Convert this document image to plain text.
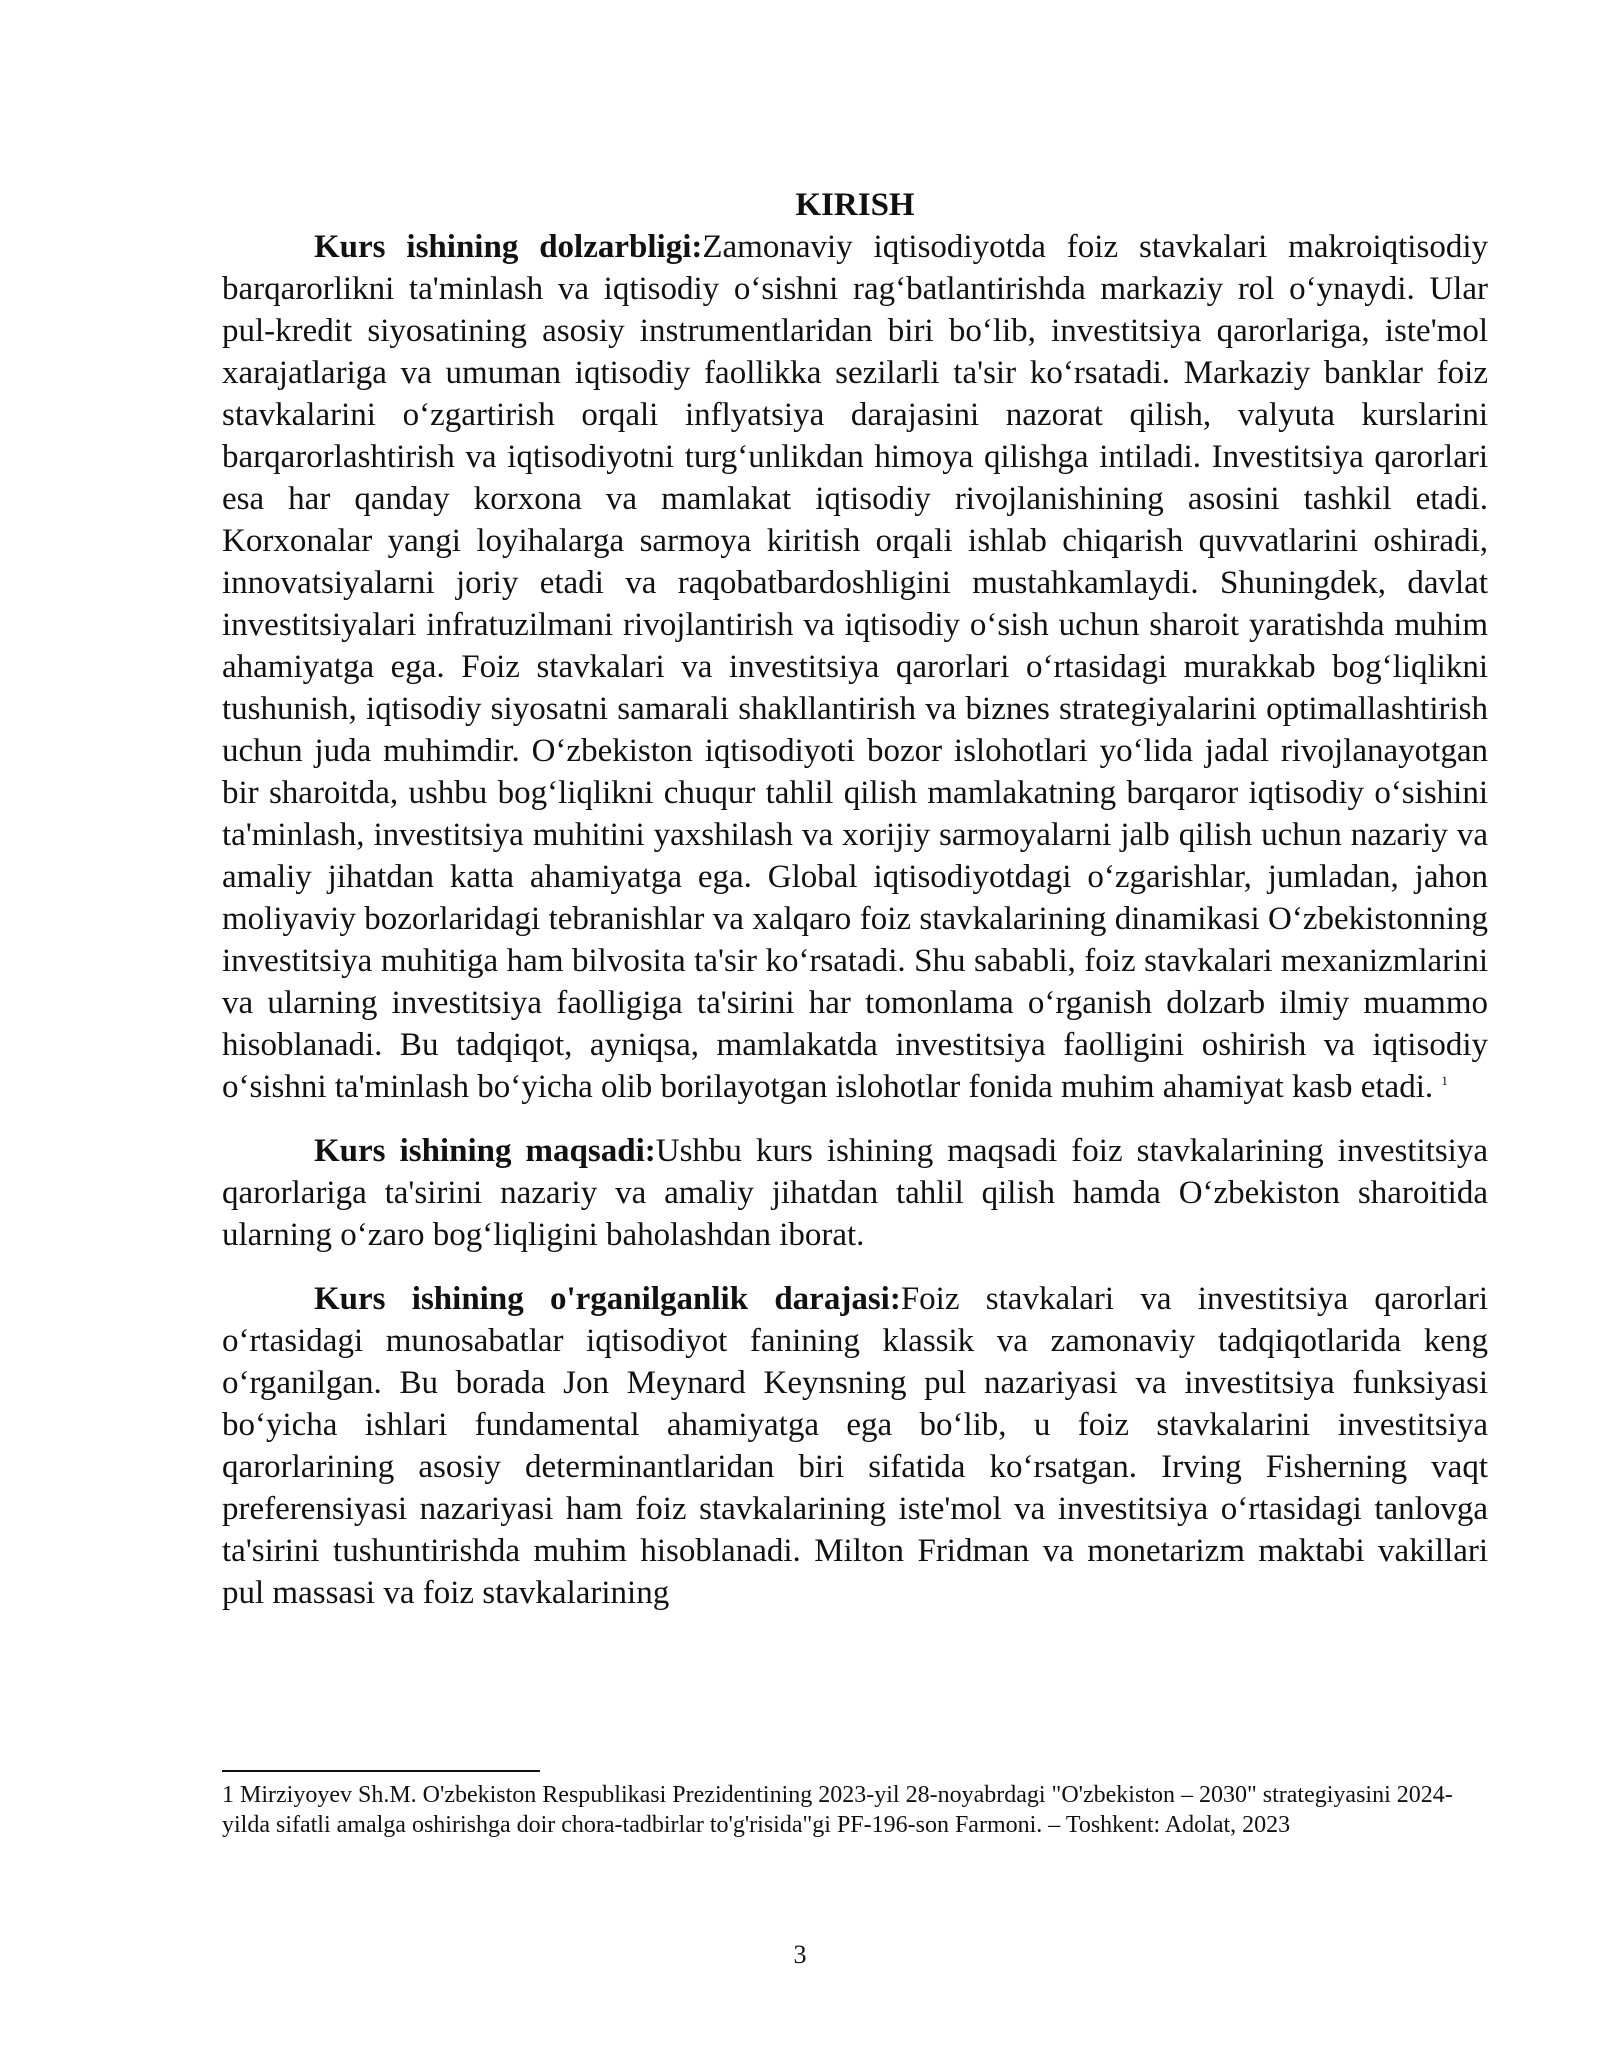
KIRISH

Kurs ishining dolzarbligi:Zamonaviy iqtisodiyotda foiz stavkalari makroiqtisodiy barqarorlikni ta'minlash va iqtisodiy o‘sishni rag‘batlantirishda markaziy rol o‘ynaydi. Ular pul-kredit siyosatining asosiy instrumentlaridan biri bo‘lib, investitsiya qarorlariga, iste'mol xarajatlariga va umuman iqtisodiy faollikka sezilarli ta'sir ko‘rsatadi. Markaziy banklar foiz stavkalarini o‘zgartirish orqali inflyatsiya darajasini nazorat qilish, valyuta kurslarini barqarorlashtirish va iqtisodiyotni turg‘unlikdan himoya qilishga intiladi. Investitsiya qarorlari esa har qanday korxona va mamlakat iqtisodiy rivojlanishining asosini tashkil etadi. Korxonalar yangi loyihalarga sarmoya kiritish orqali ishlab chiqarish quvvatlarini oshiradi, innovatsiyalarni joriy etadi va raqobatbardoshligini mustahkamlaydi. Shuningdek, davlat investitsiyalari infratuzilmani rivojlantirish va iqtisodiy o‘sish uchun sharoit yaratishda muhim ahamiyatga ega. Foiz stavkalari va investitsiya qarorlari o‘rtasidagi murakkab bog‘liqlikni tushunish, iqtisodiy siyosatni samarali shakllantirish va biznes strategiyalarini optimallashtirish uchun juda muhimdir. O‘zbekiston iqtisodiyoti bozor islohotlari yo‘lida jadal rivojlanayotgan bir sharoitda, ushbu bog‘liqlikni chuqur tahlil qilish mamlakatning barqaror iqtisodiy o‘sishini ta'minlash, investitsiya muhitini yaxshilash va xorijiy sarmoyalarni jalb qilish uchun nazariy va amaliy jihatdan katta ahamiyatga ega. Global iqtisodiyotdagi o‘zgarishlar, jumladan, jahon moliyaviy bozorlaridagi tebranishlar va xalqaro foiz stavkalarining dinamikasi O‘zbekistonning investitsiya muhitiga ham bilvosita ta'sir ko‘rsatadi. Shu sababli, foiz stavkalari mexanizmlarini va ularning investitsiya faolligiga ta'sirini har tomonlama o‘rganish dolzarb ilmiy muammo hisoblanadi. Bu tadqiqot, ayniqsa, mamlakatda investitsiya faolligini oshirish va iqtisodiy o‘sishni ta'minlash bo‘yicha olib borilayotgan islohotlar fonida muhim ahamiyat kasb etadi. $^1$

Kurs ishining maqsadi:Ushbu kurs ishining maqsadi foiz stavkalarining investitsiya qarorlariga ta'sirini nazariy va amaliy jihatdan tahlil qilish hamda O‘zbekiston sharoitida ularning o‘zaro bog‘liqligini baholashdan iborat.

Kurs ishining o'rganilganlik darajasi:Foiz stavkalari va investitsiya qarorlari o‘rtasidagi munosabatlar iqtisodiyot fanining klassik va zamonaviy tadqiqotlarida keng o‘rganilgan. Bu borada Jon Meynard Keynsning pul nazariyasi va investitsiya funksiyasi bo‘yicha ishlari fundamental ahamiyatga ega bo‘lib, u foiz stavkalarini investitsiya qarorlarining asosiy determinantlaridan biri sifatida ko‘rsatgan. Irving Fisherning vaqt preferensiyasi nazariyasi ham foiz stavkalarining iste'mol va investitsiya o‘rtasidagi tanlovga ta'sirini tushuntirishda muhim hisoblanadi. Milton Fridman va monetarizm maktabi vakillari pul massasi va foiz stavkalarining

1 Mirziyoyev Sh.M. O'zbekiston Respublikasi Prezidentining 2023-yil 28-noyabrdagi "O'zbekiston – 2030" strategiyasini 2024-yilda sifatli amalga oshirishga doir chora-tadbirlar to'g'risida"gi PF-196-son Farmoni. – Toshkent: Adolat, 2023

3
